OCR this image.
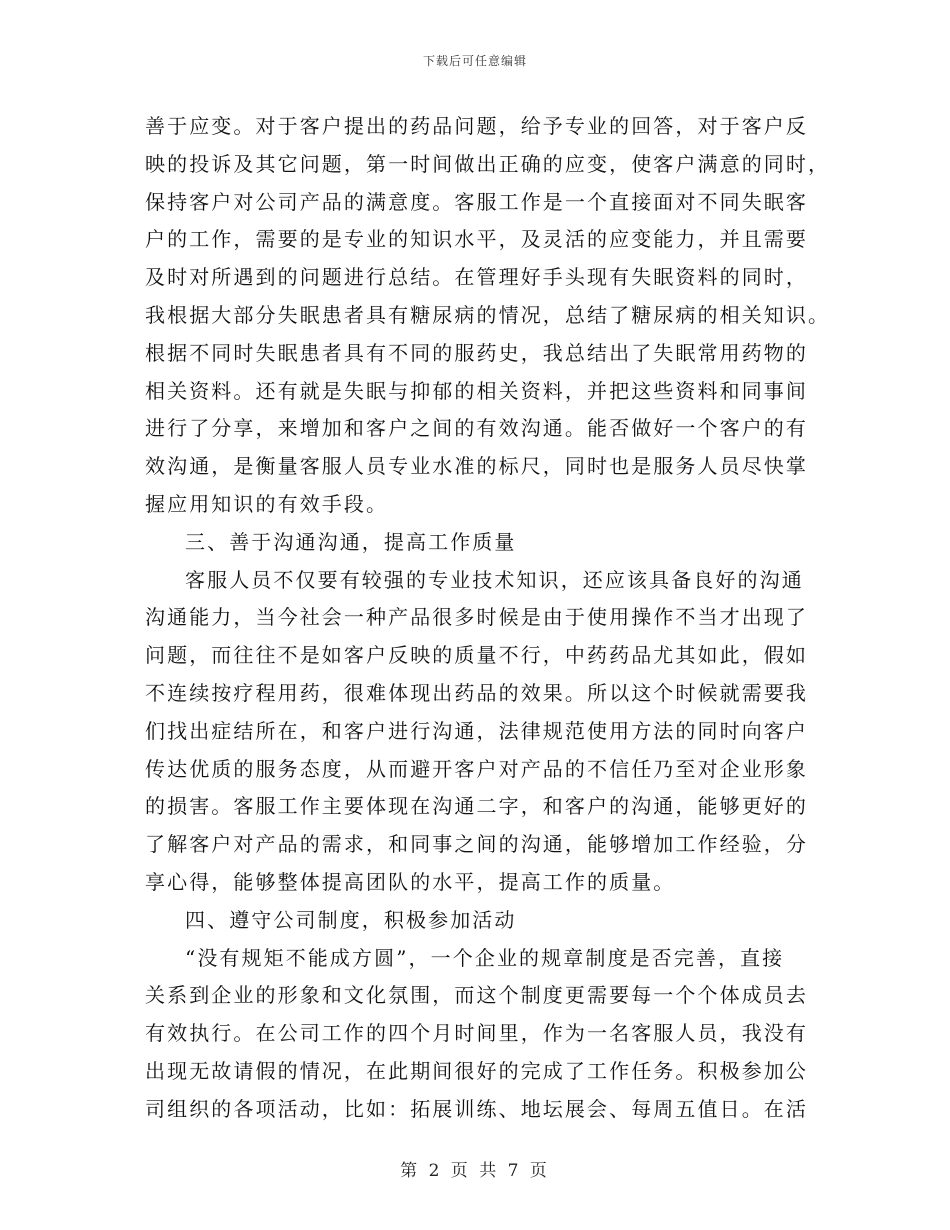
下载后可任意编辑
善于应变。对于客户提出的药品问题，给予专业的回答，对于客户反
映的投诉及其它问题，第一时间做出正确的应变，使客户满意的同时，
保持客户对公司产品的满意度。客服工作是一个直接面对不同失眠客
户的工作，需要的是专业的知识水平，及灵活的应变能力，并且需要
及时对所遇到的问题进行总结。在管理好手头现有失眠资料的同时，
我根据大部分失眠患者具有糖尿病的情况，总结了糖尿病的相关知识。
根据不同时失眠患者具有不同的服药史，我总结出了失眠常用药物的
相关资料。还有就是失眠与抑郁的相关资料，并把这些资料和同事间
进行了分享，来增加和客户之间的有效沟通。能否做好一个客户的有
效沟通，是衡量客服人员专业水准的标尺，同时也是服务人员尽快掌
握应用知识的有效手段。
三、善于沟通沟通，提高工作质量
客服人员不仅要有较强的专业技术知识，还应该具备良好的沟通
沟通能力，当今社会一种产品很多时候是由于使用操作不当才出现了
问题，而往往不是如客户反映的质量不行，中药药品尤其如此，假如
不连续按疗程用药，很难体现出药品的效果。所以这个时候就需要我
们找出症结所在，和客户进行沟通，法律规范使用方法的同时向客户
传达优质的服务态度，从而避开客户对产品的不信任乃至对企业形象
的损害。客服工作主要体现在沟通二字，和客户的沟通，能够更好的
了解客户对产品的需求，和同事之间的沟通，能够增加工作经验，分
享心得，能够整体提高团队的水平，提高工作的质量。
四、遵守公司制度，积极参加活动
“没有规矩不能成方圆”，一个企业的规章制度是否完善，直接
关系到企业的形象和文化氛围，而这个制度更需要每一个个体成员去
有效执行。在公司工作的四个月时间里，作为一名客服人员，我没有
出现无故请假的情况，在此期间很好的完成了工作任务。积极参加公
司组织的各项活动，比如：拓展训练、地坛展会、每周五值日。在活
第 2 页 共 7 页
